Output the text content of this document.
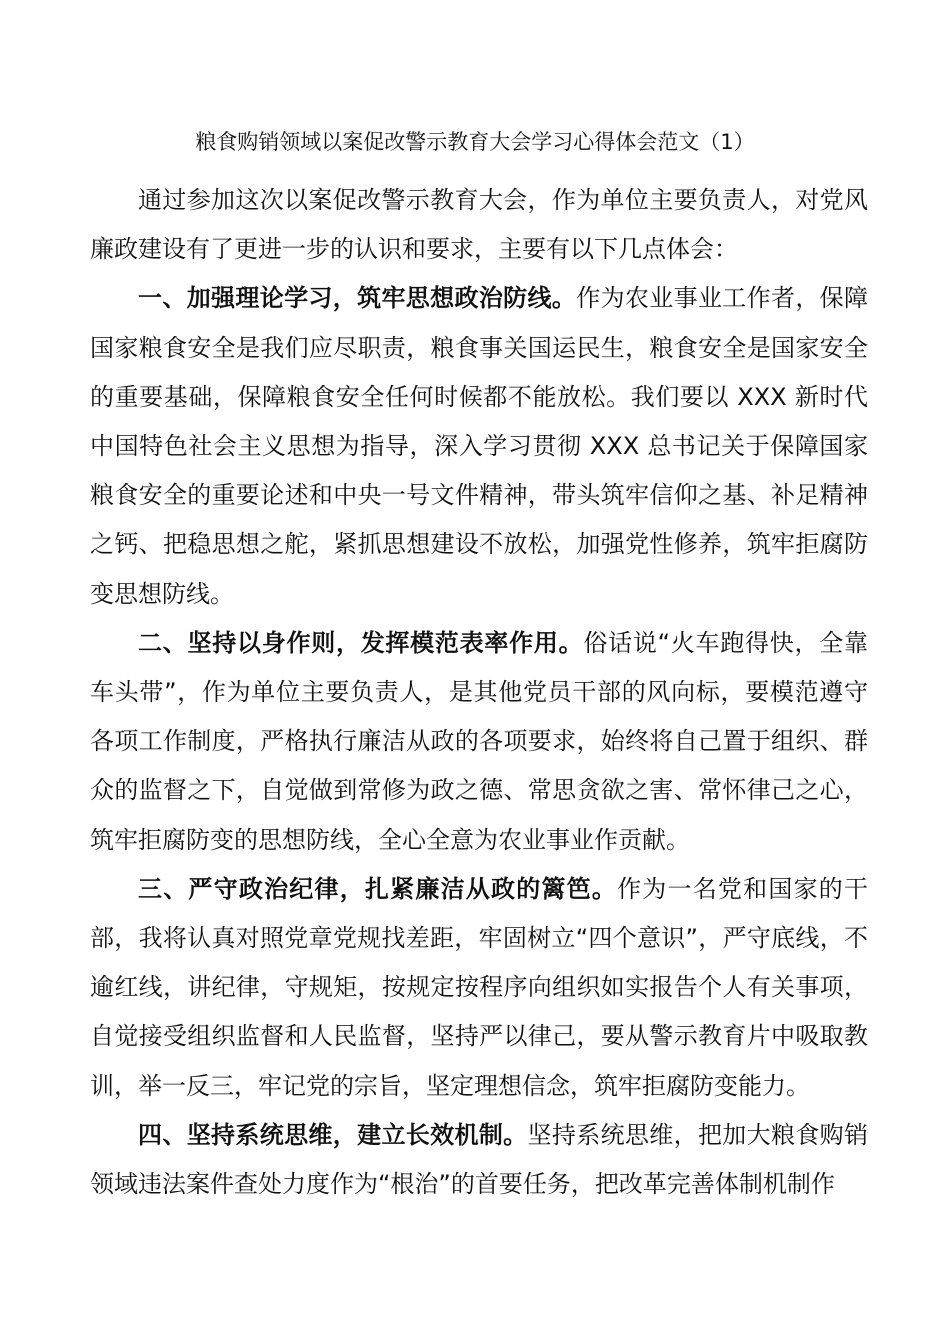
粮食购销领域以案促改警示教育大会学习心得体会范文（1）

通过参加这次以案促改警示教育大会，作为单位主要负责人，对党风廉政建设有了更进一步的认识和要求，主要有以下几点体会：

一、加强理论学习，筑牢思想政治防线。作为农业事业工作者，保障国家粮食安全是我们应尽职责，粮食事关国运民生，粮食安全是国家安全的重要基础，保障粮食安全任何时候都不能放松。我们要以 XXX 新时代中国特色社会主义思想为指导，深入学习贯彻 XXX 总书记关于保障国家粮食安全的重要论述和中央一号文件精神，带头筑牢信仰之基、补足精神之钙、把稳思想之舵，紧抓思想建设不放松，加强党性修养，筑牢拒腐防变思想防线。

二、坚持以身作则，发挥模范表率作用。俗话说“火车跑得快，全靠车头带”，作为单位主要负责人，是其他党员干部的风向标，要模范遵守各项工作制度，严格执行廉洁从政的各项要求，始终将自己置于组织、群众的监督之下，自觉做到常修为政之德、常思贪欲之害、常怀律己之心，筑牢拒腐防变的思想防线，全心全意为农业事业作贡献。

三、严守政治纪律，扎紧廉洁从政的篱笆。作为一名党和国家的干部，我将认真对照党章党规找差距，牢固树立“四个意识”，严守底线，不逾红线，讲纪律，守规矩，按规定按程序向组织如实报告个人有关事项，自觉接受组织监督和人民监督，坚持严以律己，要从警示教育片中吸取教训，举一反三，牢记党的宗旨，坚定理想信念，筑牢拒腐防变能力。

四、坚持系统思维，建立长效机制。坚持系统思维，把加大粮食购销领域违法案件查处力度作为“根治”的首要任务，把改革完善体制机制作
